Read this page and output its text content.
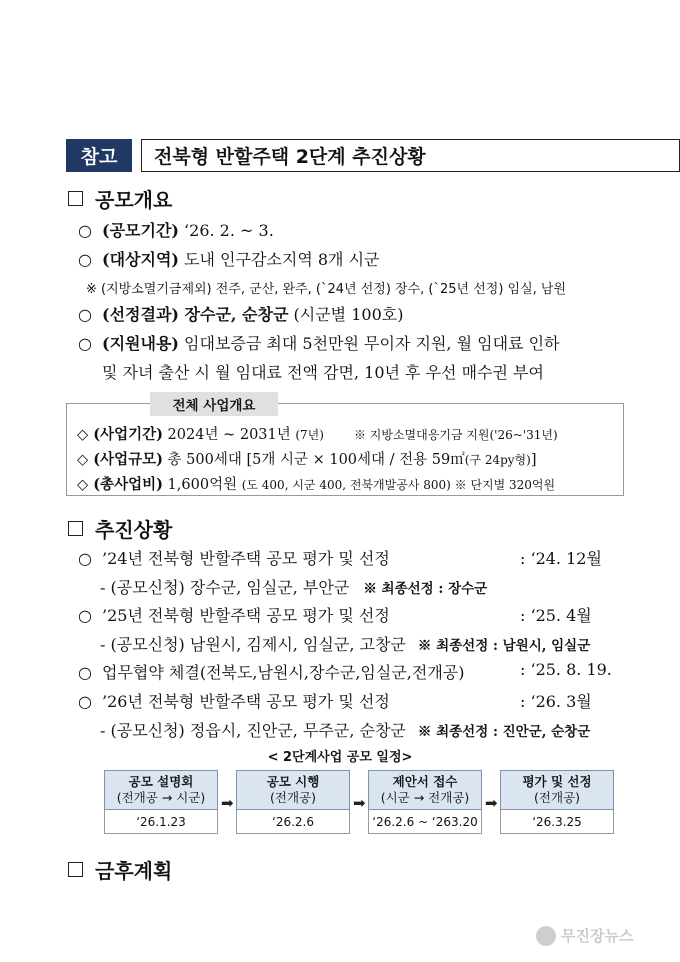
참고	전북형 반할주택 2단계 추진상황
공모개요
○ (공모기간) ‘26. 2. ~ 3.
○ (대상지역) 도내 인구감소지역 8개 시군
※ (지방소멸기금제외) 전주, 군산, 완주, (`24년 선정) 장수, (`25년 선정) 임실, 남원
○ (선정결과) 장수군, 순창군 (시군별 100호)
○ (지원내용) 임대보증금 최대 5천만원 무이자 지원, 월 임대료 인하
및 자녀 출산 시 월 임대료 전액 감면, 10년 후 우선 매수권 부여
◇ (사업기간) 2024년 ~ 2031년 (7년)	※ 지방소멸대응기금 지원('26~'31년)
◇ (사업규모) 총 500세대 [5개 시군 × 100세대 / 전용 59㎡(구 24py형)]
◇ (총사업비) 1,600억원 (도 400, 시군 400, 전북개발공사 800) ※ 단지별 320억원
전체 사업개요
추진상황
○ ’24년 전북형 반할주택 공모 평가 및 선정	: ‘24. 12월
- (공모신청) 장수군, 임실군, 부안군 ※ 최종선정 : 장수군
○ ’25년 전북형 반할주택 공모 평가 및 선정	: ‘25. 4월
- (공모신청) 남원시, 김제시, 임실군, 고창군 ※ 최종선정 : 남원시, 임실군
○ 업무협약 체결(전북도,남원시,장수군,임실군,전개공)	: ‘25. 8. 19.
○ ’26년 전북형 반할주택 공모 평가 및 선정	: ‘26. 3월
- (공모신청) 정읍시, 진안군, 무주군, 순창군 ※ 최종선정 : 진안군, 순창군
< 2단계사업 공모 일정>
공모 설명회
(전개공 → 시군)
‘26.1.23
➡
공모 시행
(전개공)
‘26.2.6
➡
제안서 접수
(시군 → 전개공)
‘26.2.6 ~ ‘263.20
➡
평가 및 선정
(전개공)
‘26.3.25
금후계획
무진장뉴스
